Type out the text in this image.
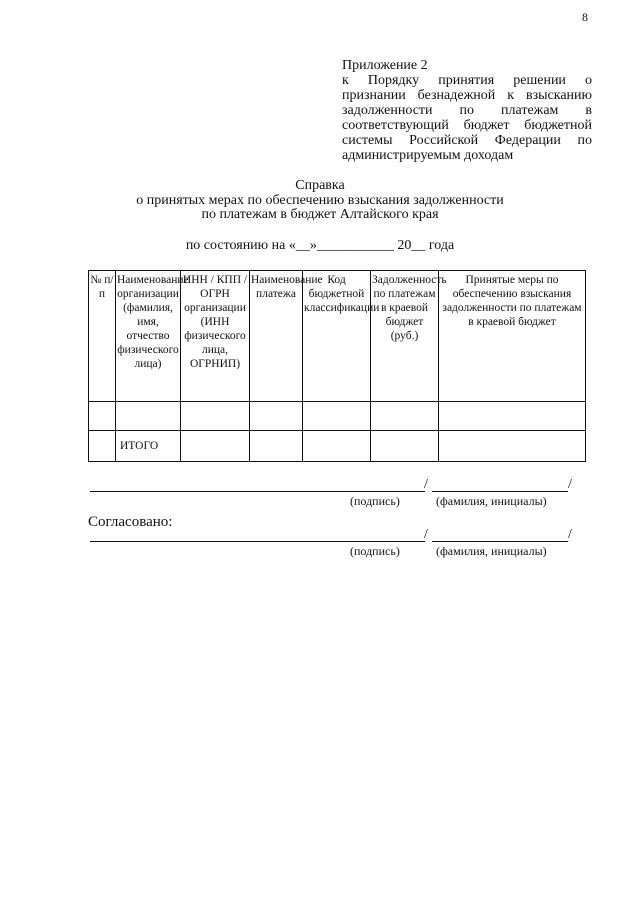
8
Приложение 2
к Порядку принятия решении о признании безнадежной к взысканию задолженности по платежам в соответствующий бюджет бюджетной системы Российской Федерации по администрируемым доходам
Справка
о принятых мерах по обеспечению взыскания задолженности
по платежам в бюджет Алтайского края
по состоянию на «__»___________ 20__ года
№ п/ п	Наименование организации (фамилия, имя, отчество физического лица)	ИНН / КПП / ОГРН организации (ИНН физического лица, ОГРНИП)	Наименование платежа	Код бюджетной классификации	Задолженность по платежам в краевой бюджет (руб.)	Принятые меры по обеспечению взыскания задолженности по платежам в краевой бюджет

	ИТОГО					
/	/
(подпись)	(фамилия, инициалы)
Согласовано:
/	/
(подпись)	(фамилия, инициалы)
